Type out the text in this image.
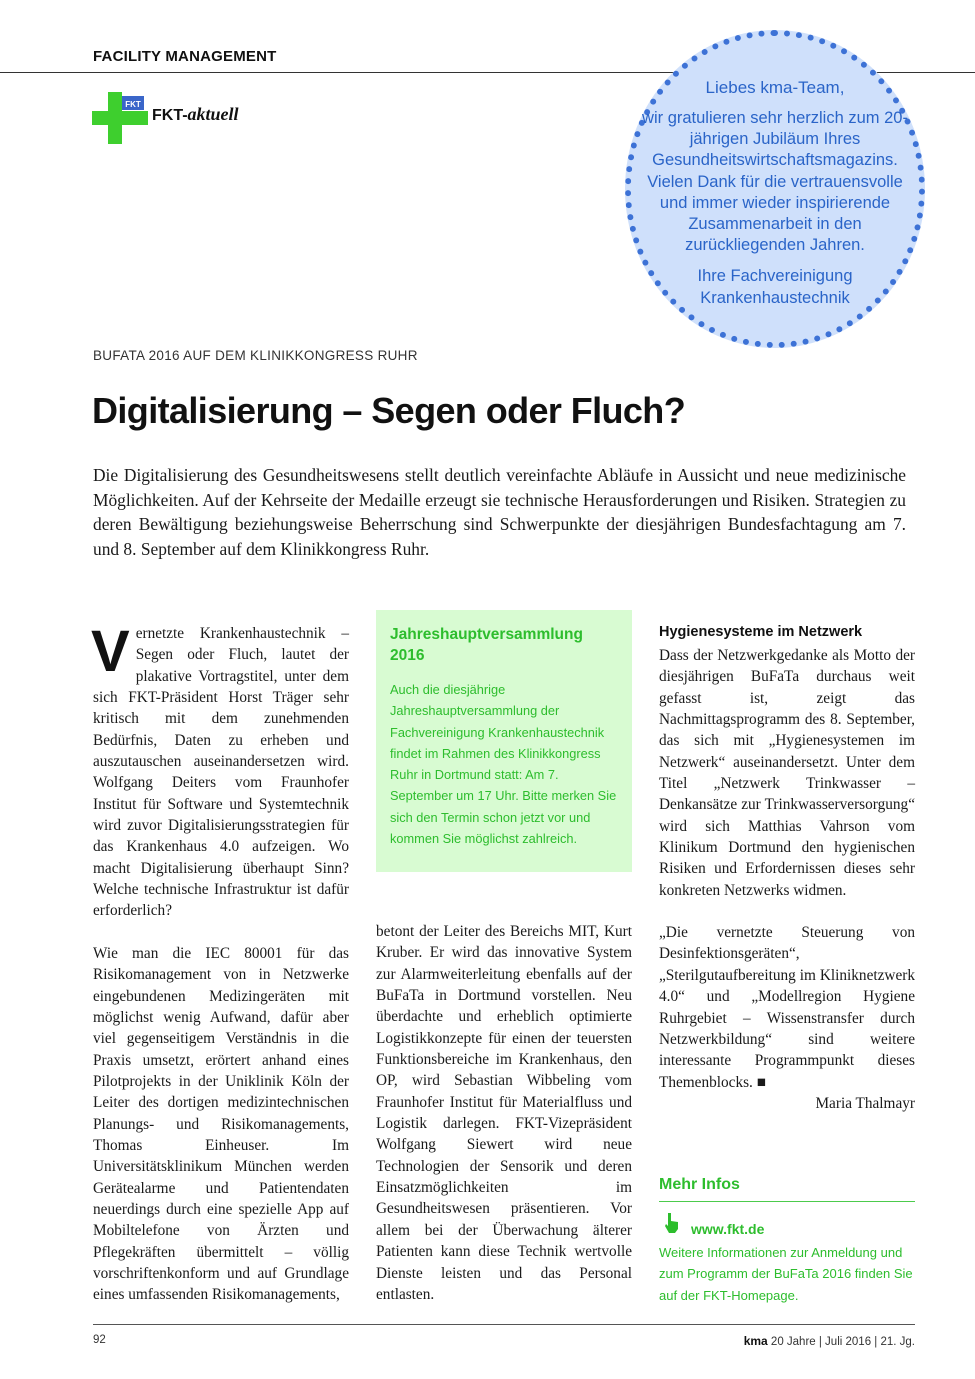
FACILITY MANAGEMENT
FKT
FKT-aktuell
Liebes kma-Team,
wir gratulieren sehr herzlich zum 20-jährigen Jubiläum Ihres Gesundheitswirtschaftsmagazins. Vielen Dank für die vertrauensvolle und immer wieder inspirierende Zusammenarbeit in den zurückliegenden Jahren.
Ihre Fachvereinigung
Krankenhaustechnik
BUFATA 2016 AUF DEM KLINIKKONGRESS RUHR
Digitalisierung – Segen oder Fluch?
Die Digitalisierung des Gesundheitswesens stellt deutlich vereinfachte Abläufe in Aussicht und neue medizinische Möglichkeiten. Auf der Kehrseite der Medaille erzeugt sie technische Herausforderungen und Risiken. Strategien zu deren Bewältigung beziehungsweise Beherrschung sind Schwerpunkte der diesjährigen Bundesfachtagung am 7. und 8. September auf dem Klinikkongress Ruhr.

Vernetzte Krankenhaustechnik – Segen oder Fluch, lautet der plakative Vortragstitel, unter dem sich FKT-Präsident Horst Träger sehr kritisch mit dem zunehmenden Bedürfnis, Daten zu erheben und auszutauschen auseinandersetzen wird. Wolfgang Deiters vom Fraunhofer Institut für Software und Systemtechnik wird zuvor Digitalisierungsstrategien für das Krankenhaus 4.0 aufzeigen. Wo macht Digitalisierung überhaupt Sinn? Welche technische Infrastruktur ist dafür erforderlich?

Wie man die IEC 80001 für das Risikomanagement von in Netzwerke eingebundenen Medizingeräten mit möglichst wenig Aufwand, dafür aber viel gegenseitigem Verständnis in die Praxis umsetzt, erörtert anhand eines Pilotprojekts in der Uniklinik Köln der Leiter des dortigen medizintechnischen Planungs- und Risikomanagements, Thomas Einheuser. Im Universitätsklinikum München werden Gerätealarme und Patientendaten neuerdings durch eine spezielle App auf Mobiltelefone von Ärzten und Pflegekräften übermittelt – völlig vorschriftenkonform und auf Grundlage eines umfassenden Risikomanagements,

Jahreshauptversammlung 2016
Auch die diesjährige Jahreshauptversammlung der Fachvereinigung Krankenhaustechnik findet im Rahmen des Klinikkongress Ruhr in Dortmund statt: Am 7. September um 17 Uhr. Bitte merken Sie sich den Termin schon jetzt vor und kommen Sie möglichst zahlreich.

betont der Leiter des Bereichs MIT, Kurt Kruber. Er wird das innovative System zur Alarmweiterleitung ebenfalls auf der BuFaTa in Dortmund vorstellen. Neu überdachte und erheblich optimierte Logistikkonzepte für einen der teuersten Funktionsbereiche im Krankenhaus, den OP, wird Sebastian Wibbeling vom Fraunhofer Institut für Materialfluss und Logistik darlegen. FKT-Vizepräsident Wolfgang Siewert wird neue Technologien der Sensorik und deren Einsatzmöglichkeiten im Gesundheitswesen präsentieren. Vor allem bei der Überwachung älterer Patienten kann diese Technik wertvolle Dienste leisten und das Personal entlasten.

Hygienesysteme im Netzwerk

Dass der Netzwerkgedanke als Motto der diesjährigen BuFaTa durchaus weit gefasst ist, zeigt das Nachmittagsprogramm des 8. September, das sich mit „Hygienesystemen im Netzwerk“ auseinandersetzt. Unter dem Titel „Netzwerk Trinkwasser – Denkansätze zur Trinkwasserversorgung“ wird sich Matthias Vahrson vom Klinikum Dortmund den hygienischen Risiken und Erfordernissen dieses sehr konkreten Netzwerks widmen.

„Die vernetzte Steuerung von Desinfektionsgeräten“, „Sterilgutaufbereitung im Kliniknetzwerk 4.0“ und „Modellregion Hygiene Ruhrgebiet – Wissenstransfer durch Netzwerkbildung“ sind weitere interessante Programmpunkt dieses Themenblocks. ■

Maria Thalmayr

Mehr Infos
www.fkt.de
Weitere Informationen zur Anmeldung und zum Programm der BuFaTa 2016 finden Sie auf der FKT-Homepage.
92	kma 20 Jahre | Juli 2016 | 21. Jg.
